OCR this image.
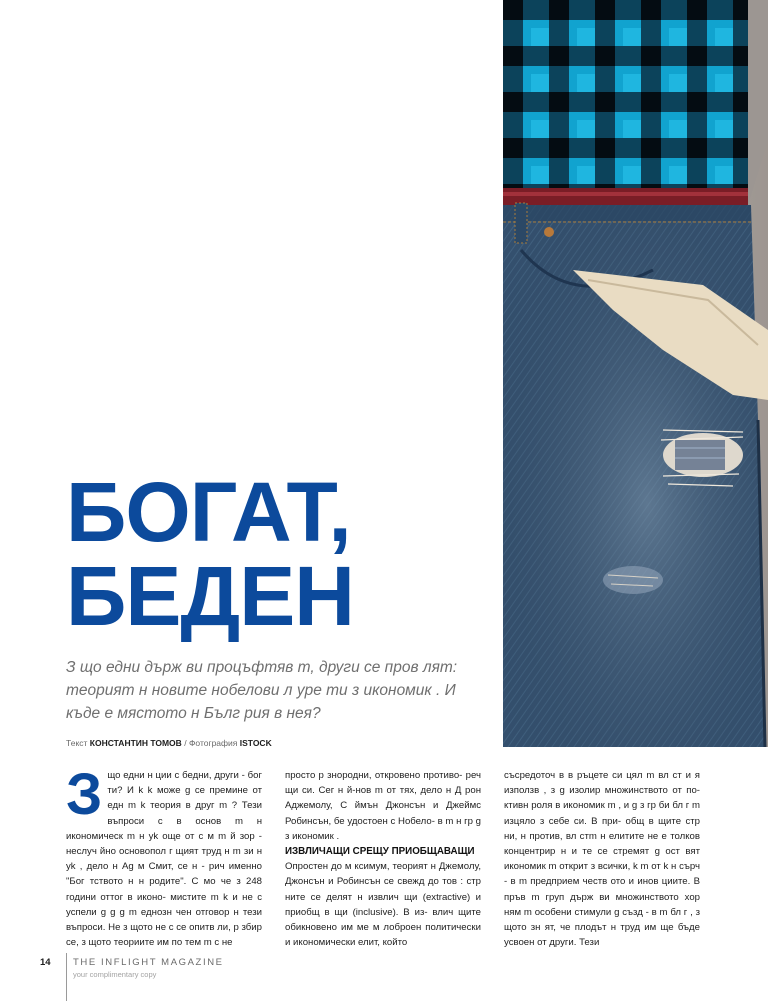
БОГАТ,
БЕДЕН

З що едни държ ви процъфтяв т, други се пров лят: теорият н новите нобелови л уре ти з икономик . И къде е мястото н Бълг рия в нея?

Текст КОНСТАНТИН ТОМОВ / Фотография ISTOCK
З що едни н ции с бедни, други - бог ти? И k k може g се премине от едн m k теория в друг m ? Тези въпроси с в основ m н икономическ m н уk още от с м m й зор - неслуч йно основопол г щият труд н m зи н уk , дело н Ag м Смит, се н - рич именно "Бог тството н н родите". С мо че з 248 години оттог в иконо- мистите m k и не с успели g g g m еднозн чен отговор н тези въпроси. Не з щото не с се опитв ли, р збир се, з щото теориите им по тем m с не

просто р знородни, откровено противо- реч щи си. Сег н й-нов m от тях, дело н Д рон Аджемолу, С ймън Джонсън и Джеймс Робинсън, бе удостоен с Нобело- в m н гр g з икономик .

ИЗВЛИЧАЩИ СРЕЩУ ПРИОБЩАВАЩИ

Опростен до м ксимум, теорият н Джемолу, Джонсън и Робинсън се свежд до тов : стр ните се делят н извлич щи (extractive) и приобщ в щи (inclusive). В из- влич щите обикновено им ме м лоброен политически и икономически елит, който

съсредоточ в в ръцете си цял m вл ст и я използв , з g изолир множинството от по- ктивн роля в икономик m , и g з гр би бл г m изцяло з себе си. В при- общ в щите стр ни, н против, вл стm н елитите не е толков концентрир н и те се стремят g ост вят икономик m открит з всички, k m от k н сърч - в m предприем честв ото и инов циите. В пръв m груп държ ви множинството хор ням m особени стимули g създ - в m бл г , з щото зн ят, че плодът н труд им ще бъде усвоен от други. Тези

14 THE INFLIGHT MAGAZINE
your complimentary copy
